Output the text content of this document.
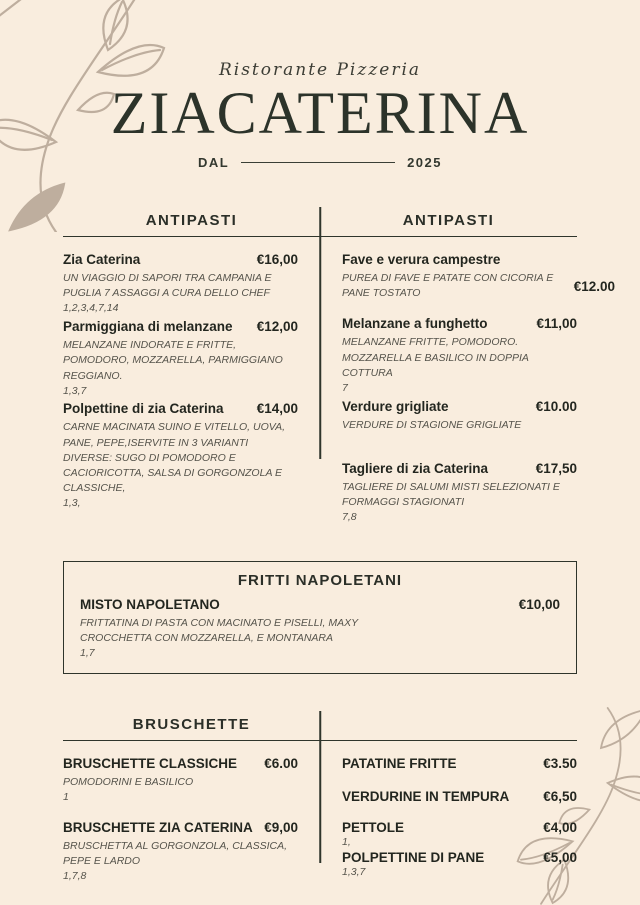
Ristorante Pizzeria
ZIACATERINA
DAL	2025
ANTIPASTI
Zia Caterina	€16,00
UN VIAGGIO DI SAPORI TRA CAMPANIA E PUGLIA 7 ASSAGGI A CURA DELLO CHEF
1,2,3,4,7,14
Parmiggiana di melanzane €12,00
MELANZANE INDORATE E FRITTE, POMODORO, MOZZARELLA, PARMIGGIANO REGGIANO.
1,3,7
Polpettine di zia Caterina €14,00
CARNE MACINATA SUINO E VITELLO, UOVA, PANE, PEPE,ISERVITE IN 3 VARIANTI DIVERSE: SUGO DI POMODORO E CACIORICOTTA, SALSA DI GORGONZOLA E CLASSICHE,
1,3,
ANTIPASTI
Fave e verura campestre
PUREA DI FAVE E PATATE CON CICORIA E PANE TOSTATO	€12.00
Melanzane a funghetto	€11,00
MELANZANE FRITTE, POMODORO. MOZZARELLA E BASILICO IN DOPPIA COTTURA
7
Verdure grigliate	€10.00
VERDURE DI STAGIONE GRIGLIATE
Tagliere di zia Caterina	€17,50
TAGLIERE DI SALUMI MISTI SELEZIONATI E FORMAGGI STAGIONATI
7,8
FRITTI NAPOLETANI
MISTO NAPOLETANO	€10,00
FRITTATINA DI PASTA CON MACINATO E PISELLI, MAXY CROCCHETTA CON MOZZARELLA, E MONTANARA
1,7
BRUSCHETTE
BRUSCHETTE CLASSICHE €6.00
POMODORINI E BASILICO
1
BRUSCHETTE ZIA CATERINA €9,00
BRUSCHETTA AL GORGONZOLA, CLASSICA, PEPE E LARDO
1,7,8
PATATINE FRITTE	€3.50
VERDURINE IN TEMPURA	€6,50
PETTOLE	€4,00
1,
POLPETTINE DI PANE	€5,00
1,3,7
